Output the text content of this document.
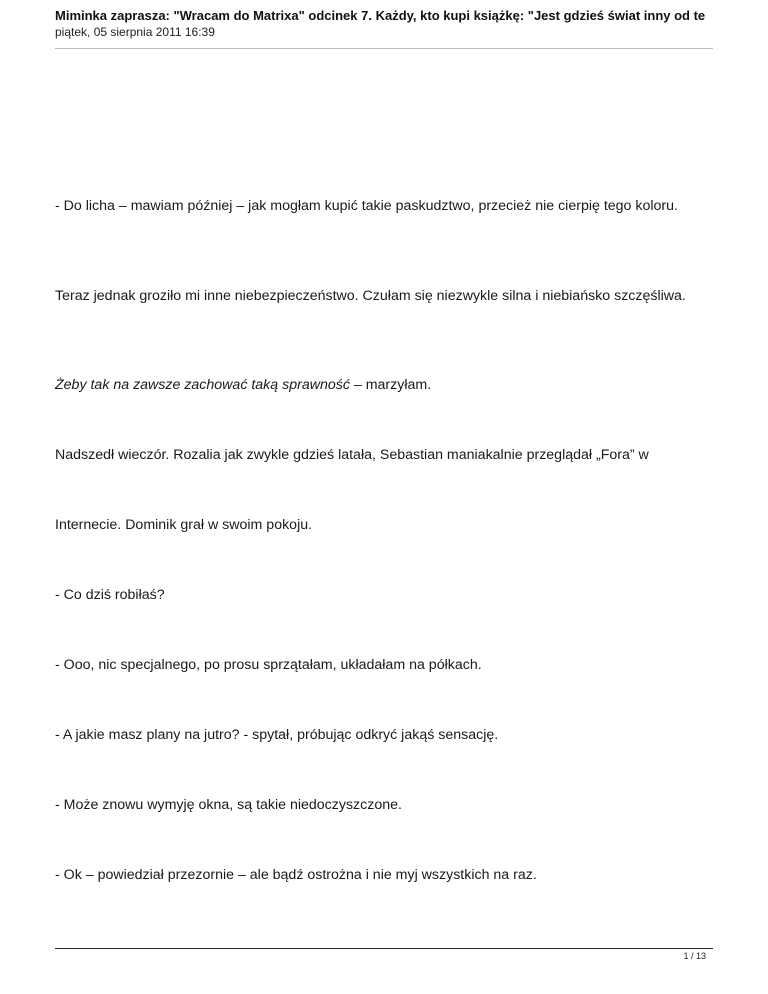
Miminka zaprasza: "Wracam do Matrixa" odcinek 7. Każdy, kto kupi książkę: "Jest gdzieś świat inny od te
piątek, 05 sierpnia 2011 16:39
- Do licha – mawiam później – jak mogłam kupić takie paskudztwo, przecież nie cierpię tego koloru.
Teraz jednak groziło mi inne niebezpieczeństwo. Czułam się niezwykle silna i niebiańsko szczęśliwa.
Żeby tak na zawsze zachować taką sprawność – marzyłam.
Nadszedł wieczór. Rozalia jak zwykle gdzieś latała, Sebastian maniakalnie przeglądał „Fora” w
Internecie. Dominik grał w swoim pokoju.
- Co dziś robiłaś?
- Ooo, nic specjalnego, po prosu sprzątałam, układałam na półkach.
- A jakie masz plany na jutro? - spytał, próbując odkryć jakąś sensację.
- Może znowu wymyję okna, są takie niedoczyszczone.
- Ok – powiedział przezornie – ale bądź ostrożna i nie myj wszystkich na raz.
1 / 13
